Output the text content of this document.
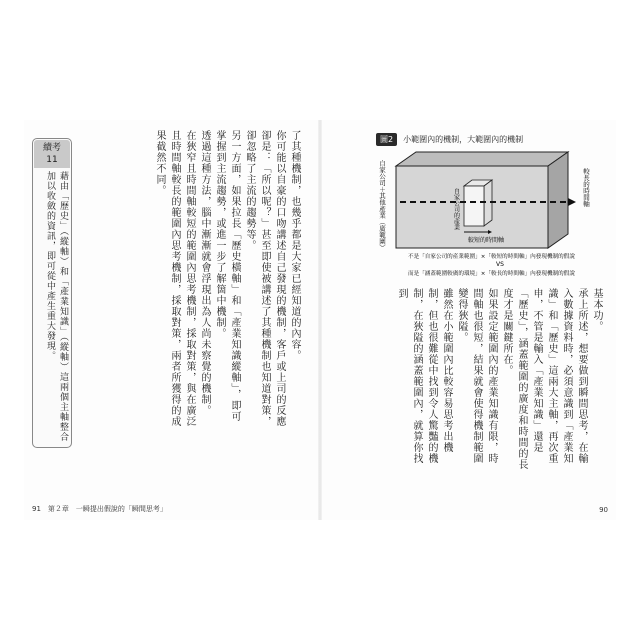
了其種機制，也幾乎都是大家已經知道的內容。
你可能以自豪的口吻講述自己發現的機制，客戶或上司的反應卻是：「所以呢？」甚至即使被講述了其種機制也知道對策，卻忽略了主流的趨勢等。
另一方面，如果拉長「歷史橫軸」和「產業知識縱軸」，即可掌握到主流趨勢，或進一步了解箇中機制。
透過這種方法，腦中漸漸就會浮現出為人尚未察覺的機制。
在狹窄且時間軸較短的範圍內思考機制，採取對策，與在廣泛且時間軸較長的範圍內思考機制，採取對策，兩者所獲得的成果截然不同。
續考
11
藉由「歷史」（縱軸）和「產業知識」（縱軸）這兩個主軸整合加以收斂的資訊，即可從中產生重大發現。
91　第２章　一瞬提出假說的「瞬間思考」
圖2	小範圍內的機制，大範圍內的機制
自家公司＋其他產業（廣範圍）	自家公司的產業
較長的時間軸
較短的時間軸
不是「自家公司的產業範圍」×「較短的時間軸」內發現機制的假說
VS
而是「涵蓋範圍較廣的環境」×「較長的時間軸」內發現機制的假說
基本功。
承上所述，想要做到瞬間思考，在輸入數據資料時，必須意識到「產業知識」和「歷史」這兩大主軸，再次重申，不管是輸入「產業知識」還是「歷史」，涵蓋範圍的廣度和時間的長度才是關鍵所在。
如果設定範圍內的產業知識有限，時間軸也很短，結果就會使得機制範圍變得狹隘。
雖然在小範圍內比較容易思考出機制，但也很難從中找到令人驚豔的機制，在狹隘的涵蓋範圍內，就算你找到
90
